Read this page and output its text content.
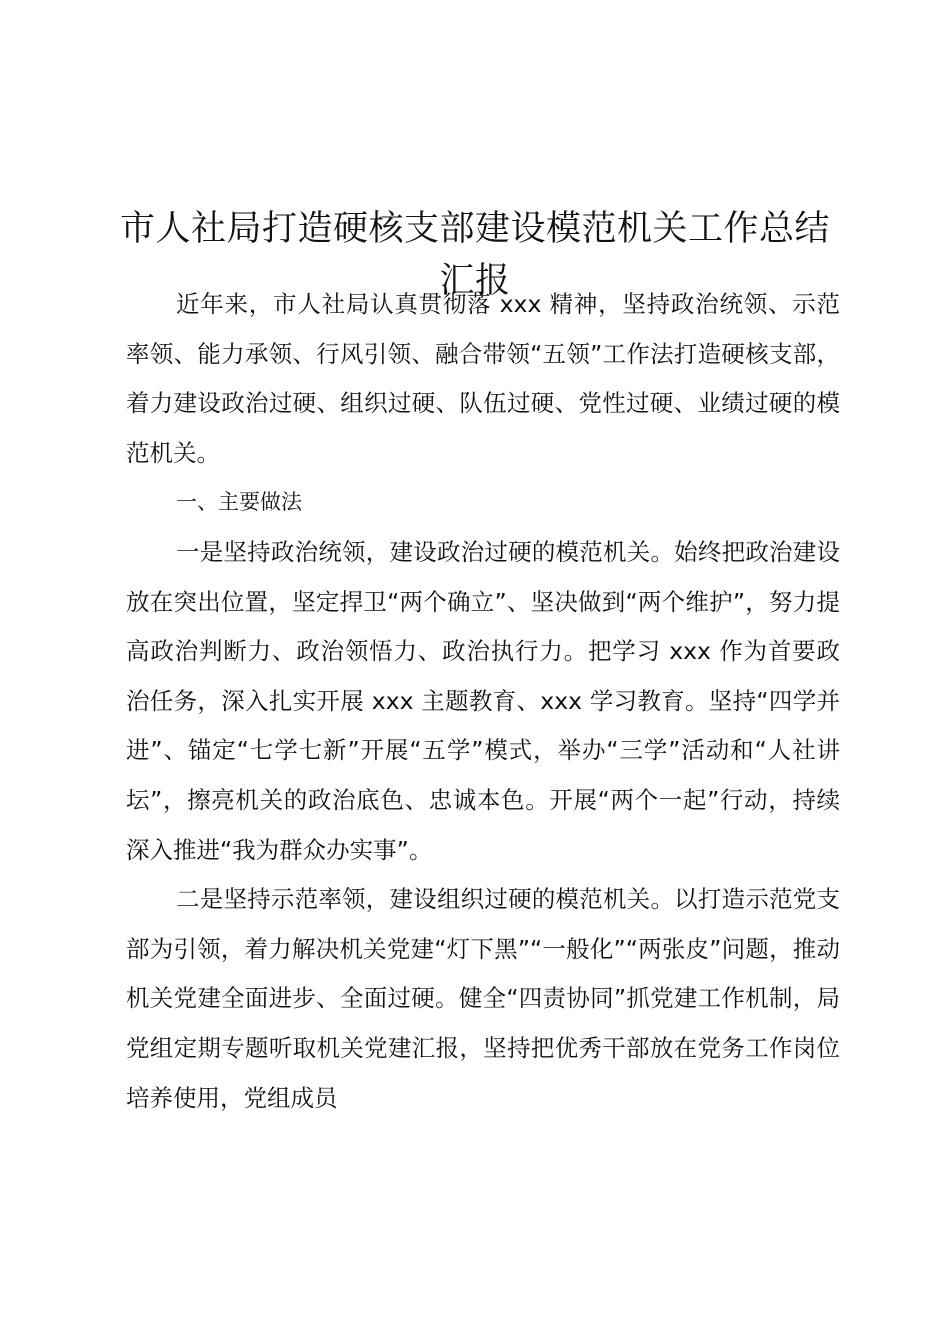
市人社局打造硬核支部建设模范机关工作总结
汇报

近年来，市人社局认真贯彻落 xxx 精神，坚持政治统领、示范率领、能力承领、行风引领、融合带领“五领”工作法打造硬核支部，着力建设政治过硬、组织过硬、队伍过硬、党性过硬、业绩过硬的模范机关。

一、主要做法

一是坚持政治统领，建设政治过硬的模范机关。始终把政治建设放在突出位置，坚定捍卫“两个确立”、坚决做到“两个维护”，努力提高政治判断力、政治领悟力、政治执行力。把学习 xxx 作为首要政治任务，深入扎实开展 xxx 主题教育、xxx 学习教育。坚持“四学并进”、锚定“七学七新”开展“五学”模式，举办“三学”活动和“人社讲坛”，擦亮机关的政治底色、忠诚本色。开展“两个一起”行动，持续深入推进“我为群众办实事”。

二是坚持示范率领，建设组织过硬的模范机关。以打造示范党支部为引领，着力解决机关党建“灯下黑”“一般化”“两张皮”问题，推动机关党建全面进步、全面过硬。健全“四责协同”抓党建工作机制，局党组定期专题听取机关党建汇报，坚持把优秀干部放在党务工作岗位培养使用，党组成员
